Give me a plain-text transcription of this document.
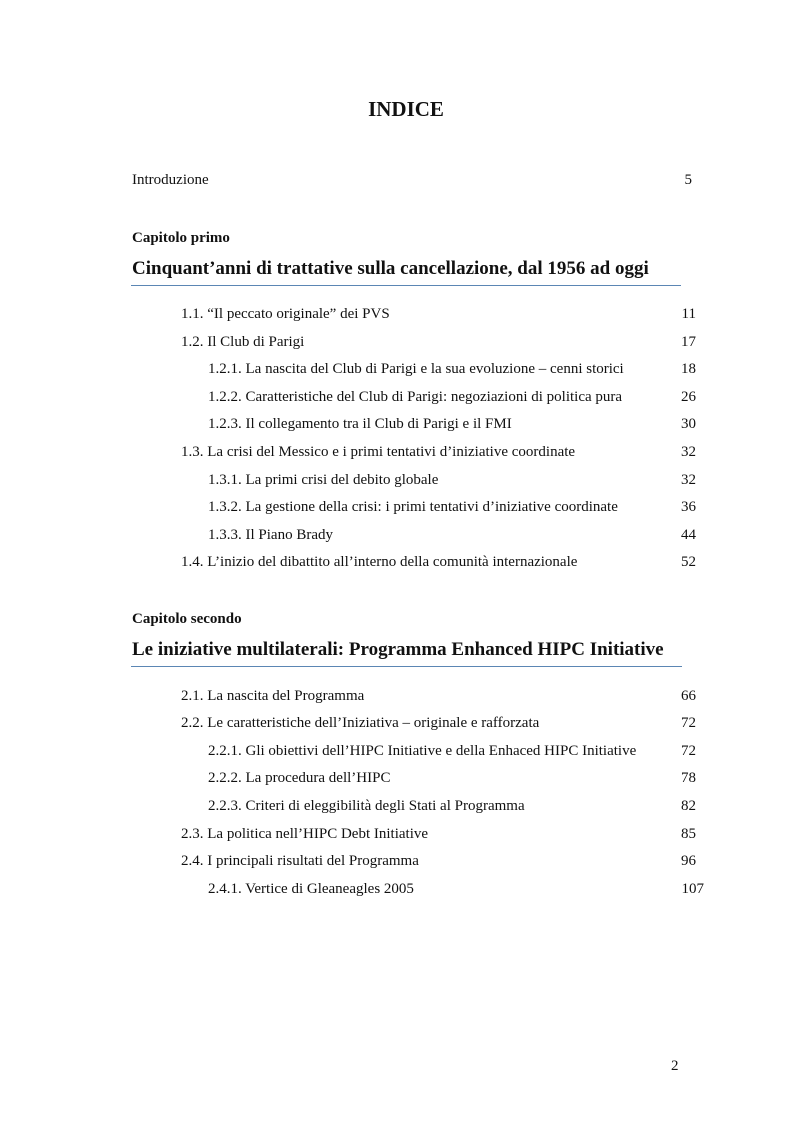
INDICE
Introduzione	5
Capitolo primo
Cinquant’anni di trattative sulla cancellazione, dal 1956 ad oggi
1.1. “Il peccato originale” dei PVS	11
1.2. Il Club di Parigi	17
1.2.1. La nascita del Club di Parigi e la sua evoluzione – cenni storici	18
1.2.2. Caratteristiche del Club di Parigi: negoziazioni di politica pura	26
1.2.3. Il collegamento tra il Club di Parigi e il FMI	30
1.3. La crisi del Messico e i primi tentativi d’iniziative coordinate	32
1.3.1. La primi crisi del debito globale	32
1.3.2. La gestione della crisi: i primi tentativi d’iniziative coordinate	36
1.3.3. Il Piano Brady	44
1.4. L’inizio del dibattito all’interno della comunità internazionale	52
Capitolo secondo
Le iniziative multilaterali: Programma Enhanced HIPC Initiative
2.1. La nascita del Programma	66
2.2. Le caratteristiche dell’Iniziativa – originale e rafforzata	72
2.2.1. Gli obiettivi dell’HIPC Initiative e della Enhaced HIPC Initiative	72
2.2.2. La procedura dell’HIPC	78
2.2.3. Criteri di eleggibilità degli Stati al Programma	82
2.3. La politica nell’HIPC Debt Initiative	85
2.4. I principali risultati del Programma	96
2.4.1. Vertice di Gleaneagles 2005	107
2
